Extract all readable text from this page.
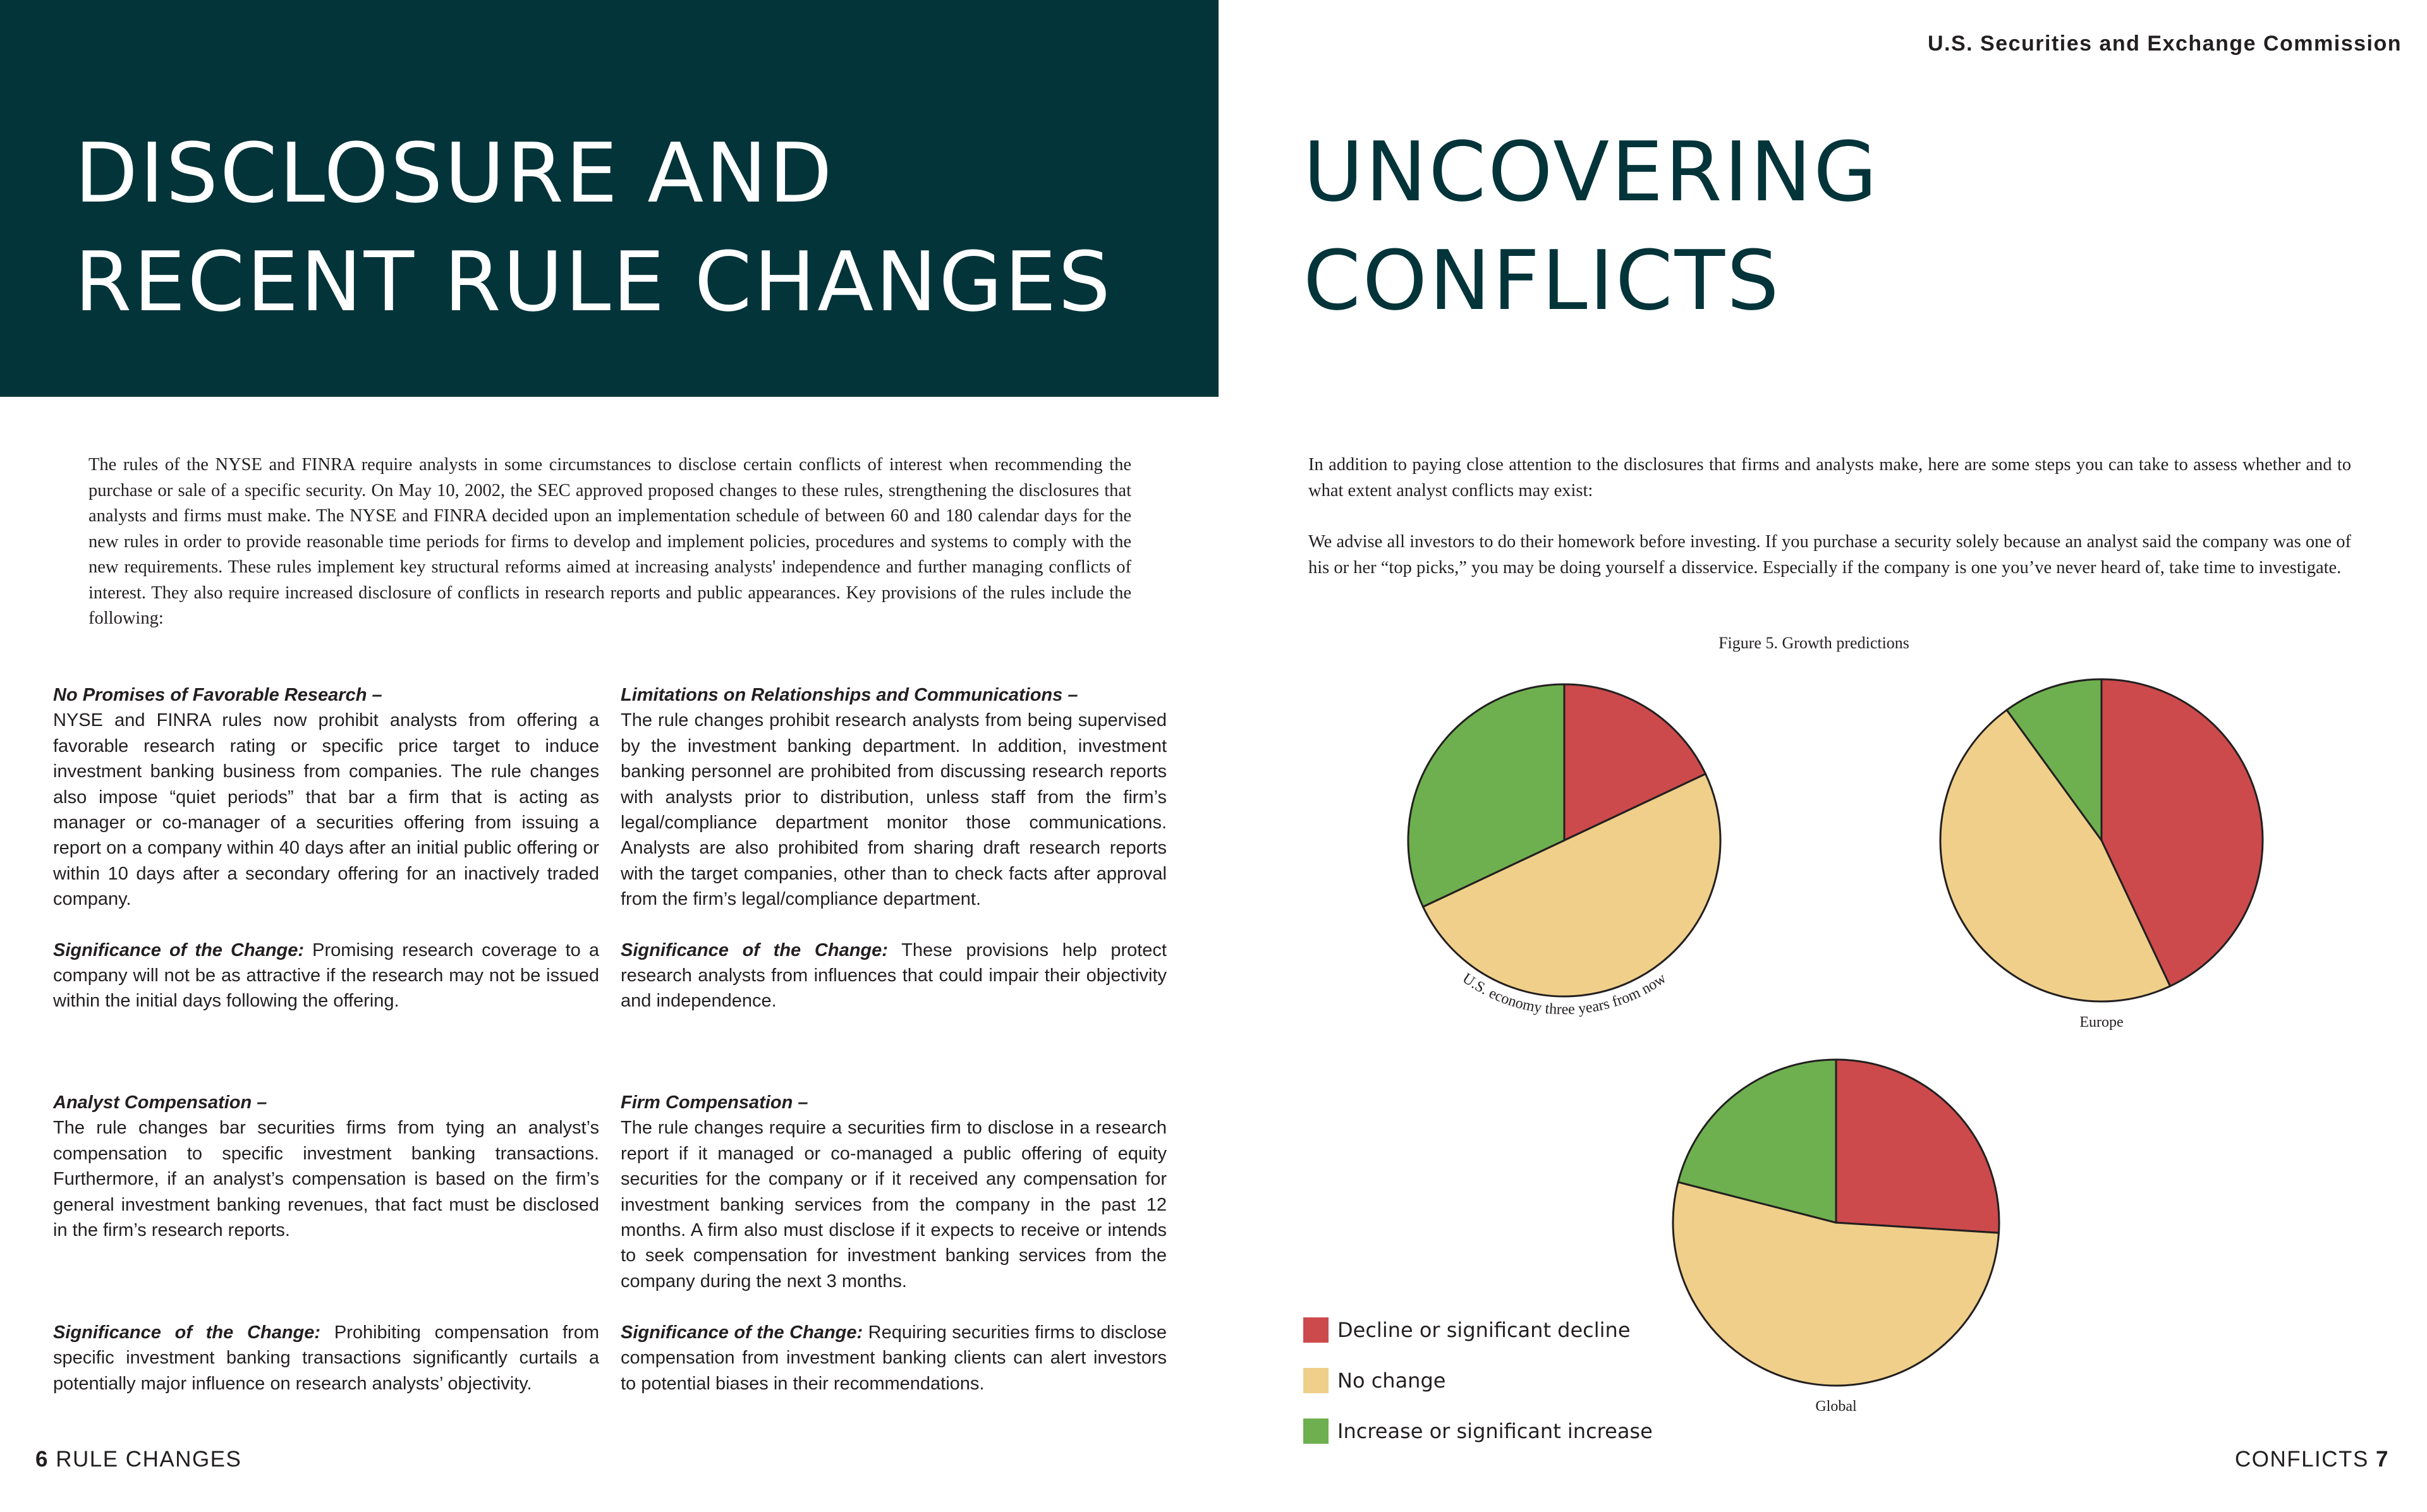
DISCLOSURE AND
RECENT RULE CHANGES
U.S. Securities and Exchange Commission
UNCOVERING
CONFLICTS

The rules of the NYSE and FINRA require analysts in some circumstances to disclose certain conflicts of interest when recommending the purchase or sale of a specific security. On May 10, 2002, the SEC approved proposed changes to these rules, strengthening the disclosures that analysts and firms must make. The NYSE and FINRA decided upon an implementation schedule of between 60 and 180 calendar days for the new rules in order to provide reasonable time periods for firms to develop and implement policies, procedures and systems to comply with the new requirements. These rules implement key structural reforms aimed at increasing analysts' independence and further managing conflicts of interest. They also require increased disclosure of conflicts in research reports and public appearances. Key provisions of the rules include the following:

No Promises of Favorable Research –

NYSE and FINRA rules now prohibit analysts from offering a favorable research rating or specific price target to induce investment banking business from companies. The rule changes also impose “quiet periods” that bar a firm that is acting as manager or co-manager of a securities offering from issuing a report on a company within 40 days after an initial public offering or within 10 days after a secondary offering for an inactively traded company.

Significance of the Change: Promising research coverage to a company will not be as attractive if the research may not be issued within the initial days following the offering.

Limitations on Relationships and Communications –

The rule changes prohibit research analysts from being supervised by the investment banking department. In addition, investment banking personnel are prohibited from discussing research reports with analysts prior to distribution, unless staff from the firm’s legal/compliance department monitor those communications. Analysts are also prohibited from sharing draft research reports with the target companies, other than to check facts after approval from the firm’s legal/compliance department.

Significance of the Change: These provisions help protect research analysts from influences that could impair their objectivity and independence.

Analyst Compensation –

The rule changes bar securities firms from tying an analyst’s compensation to specific investment banking transactions. Furthermore, if an analyst’s compensation is based on the firm’s general investment banking revenues, that fact must be disclosed in the firm’s research reports.

Firm Compensation –

The rule changes require a securities firm to disclose in a research report if it managed or co-managed a public offering of equity securities for the company or if it received any compensation for investment banking services from the company in the past 12 months. A firm also must disclose if it expects to receive or intends to seek compensation for investment banking services from the company during the next 3 months.

Significance of the Change: Prohibiting compensation from specific investment banking transactions significantly curtails a potentially major influence on research analysts’ objectivity.

Significance of the Change: Requiring securities firms to disclose compensation from investment banking clients can alert investors to potential biases in their recommendations.

In addition to paying close attention to the disclosures that firms and analysts make, here are some steps you can take to assess whether and to what extent analyst conflicts may exist:

We advise all investors to do their homework before investing. If you purchase a security solely because an analyst said the company was one of his or her “top picks,” you may be doing yourself a disservice. Especially if the company is one you’ve never heard of, take time to investigate.

Figure 5. Growth predictions
U.S. economy three years from now
Europe
Global
Decline or significant decline
No change
Increase or significant increase
6 RULE CHANGES	CONFLICTS 7
